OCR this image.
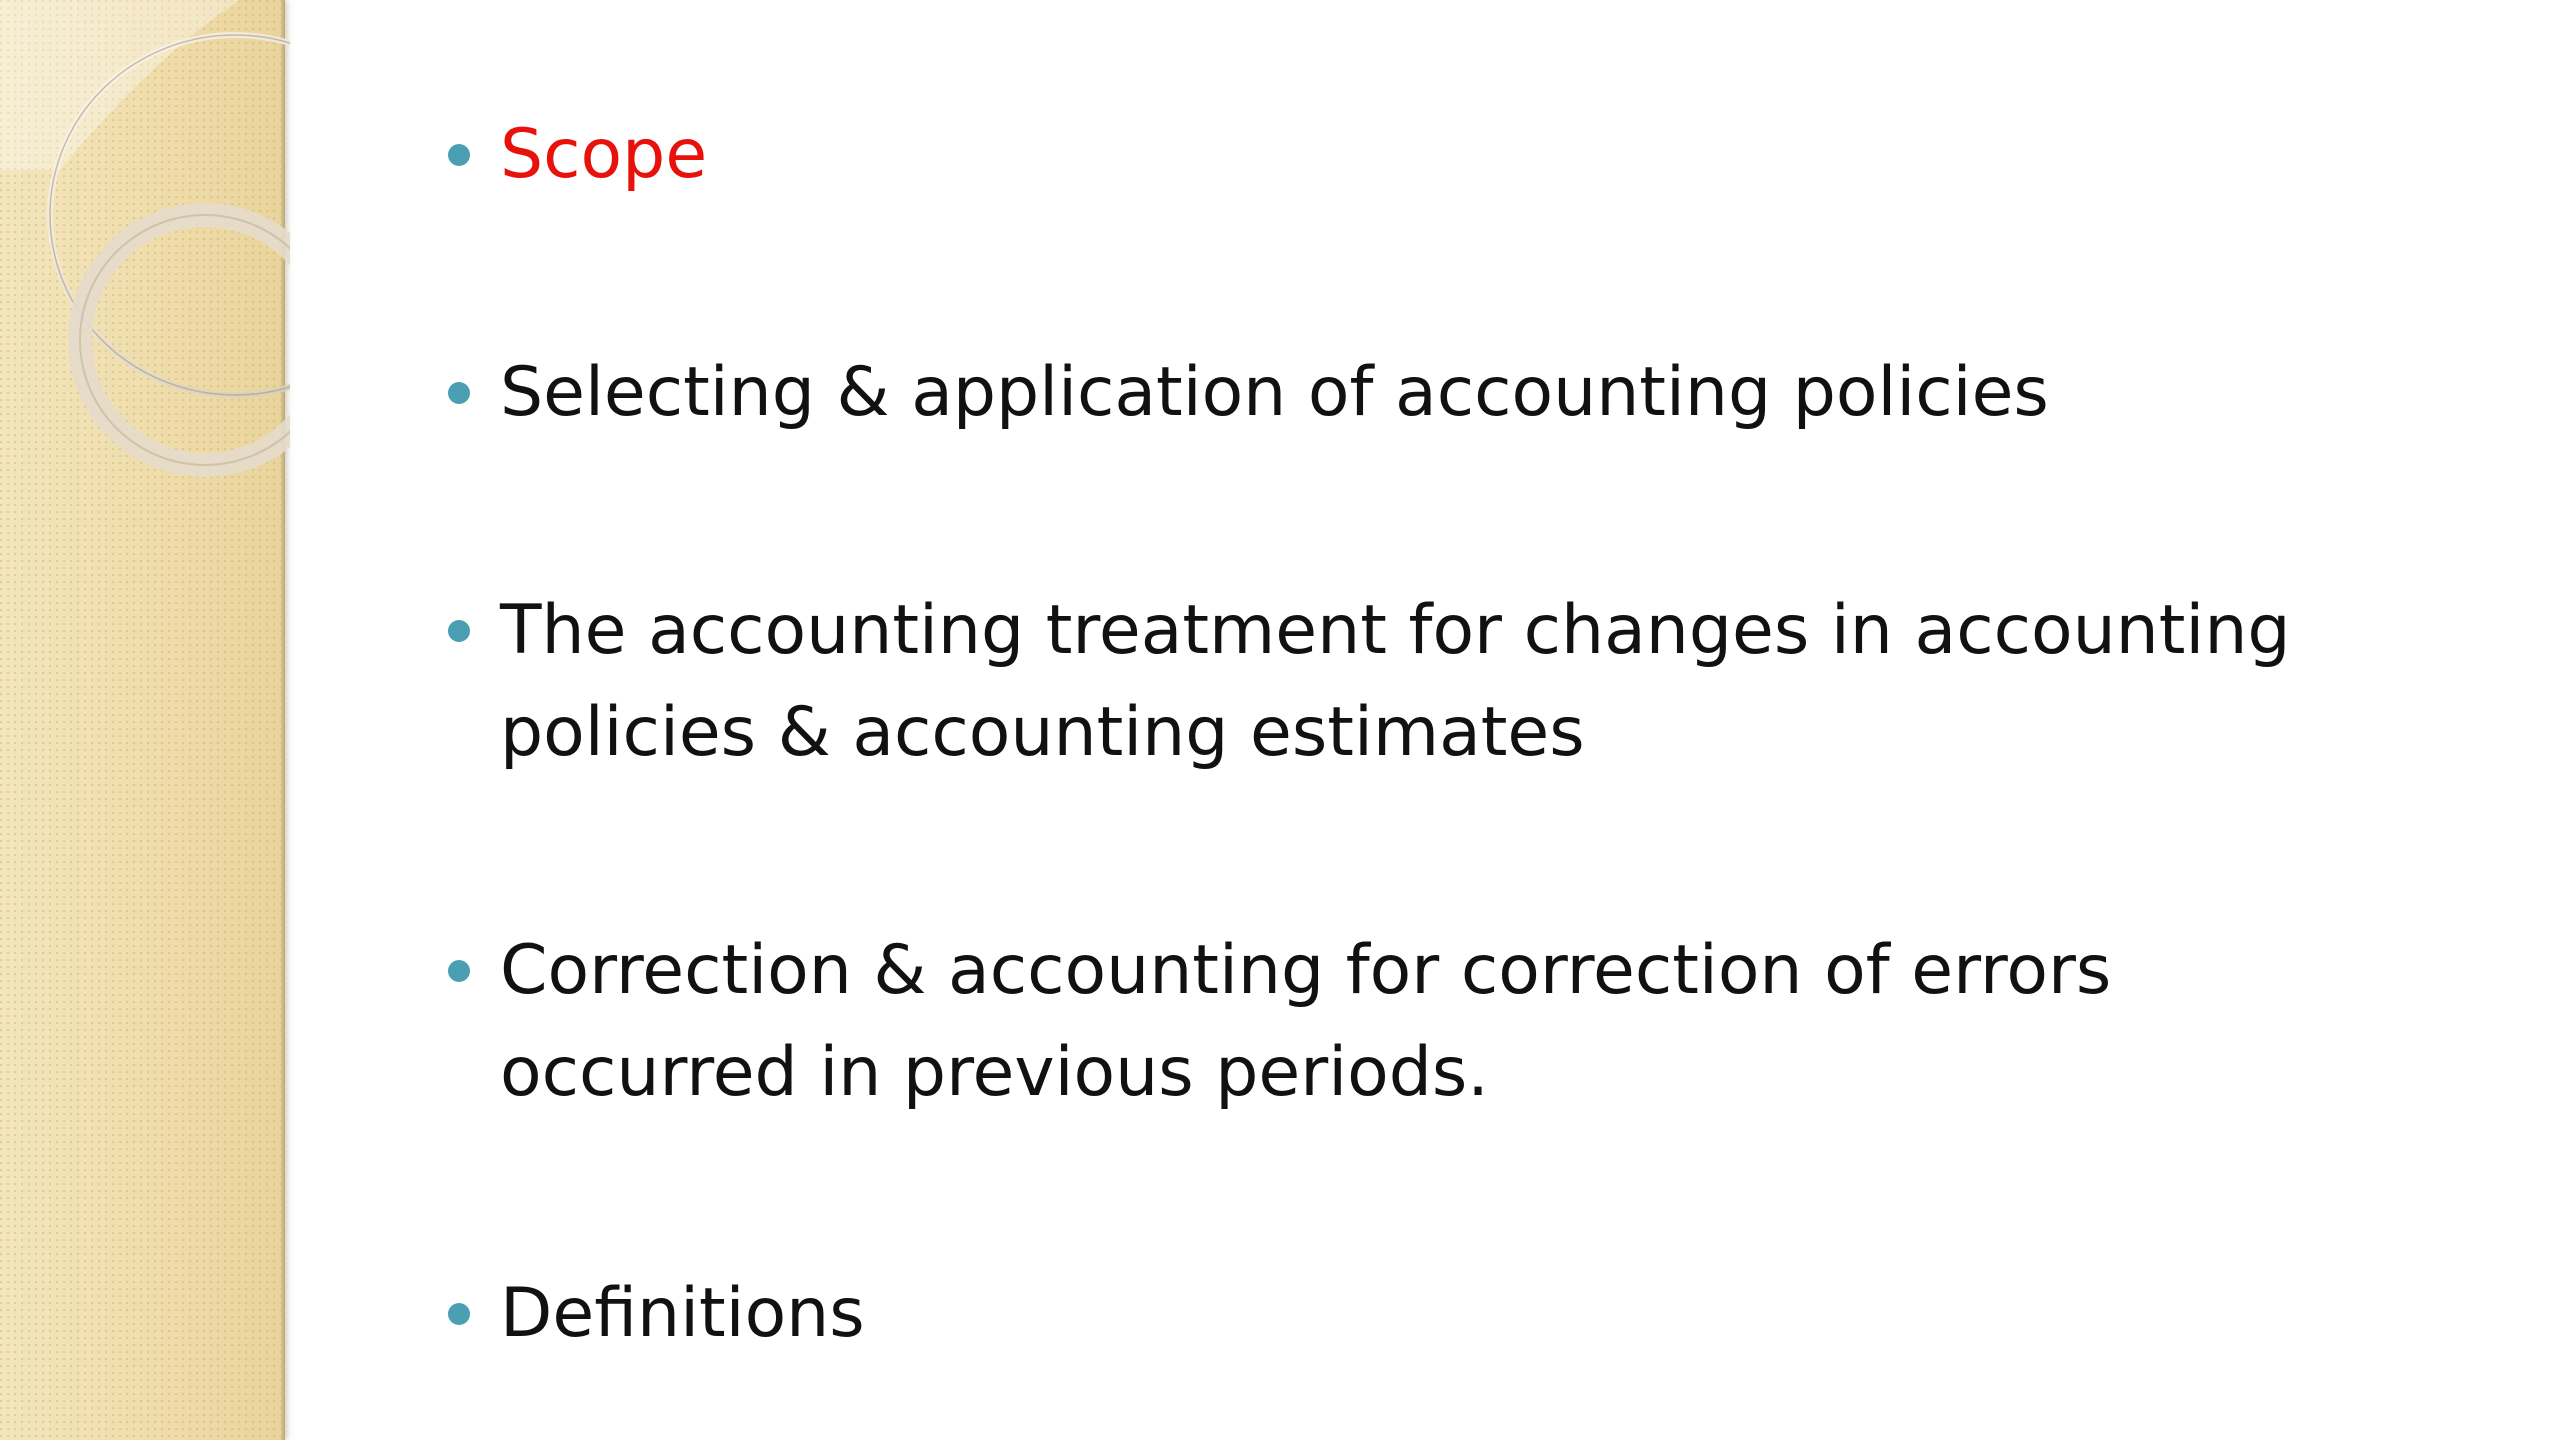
Scope
Selecting & application of accounting policies
The accounting treatment for changes in accounting policies & accounting estimates
Correction & accounting for correction of errors occurred in previous periods.
Definitions
